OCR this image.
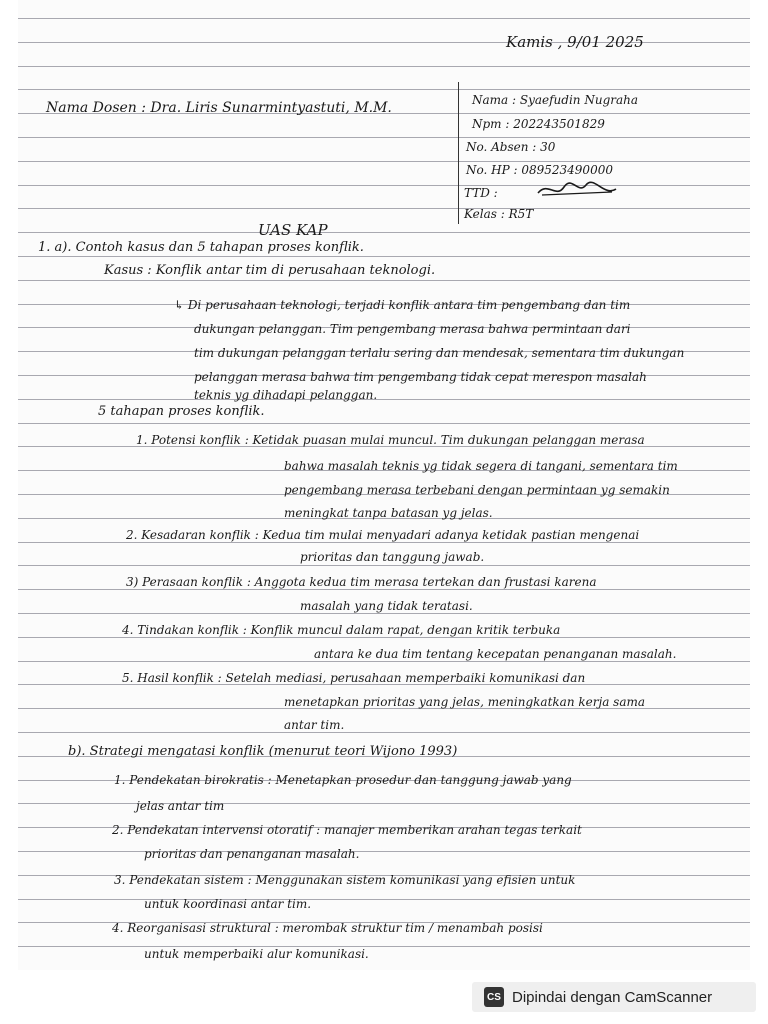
Kamis , 9/01 2025
Nama Dosen : Dra. Liris Sunarmintyastuti, M.M.	Nama : Syaefudin Nugraha
Npm : 202243501829
No. Absen : 30
No. HP : 089523490000
TTD :
Kelas : R5T
UAS KAP
1. a). Contoh kasus dan 5 tahapan proses konflik.
Kasus : Konflik antar tim di perusahaan teknologi.
↳ Di perusahaan teknologi, terjadi konflik antara tim pengembang dan tim
dukungan pelanggan. Tim pengembang merasa bahwa permintaan dari
tim dukungan pelanggan terlalu sering dan mendesak, sementara tim dukungan
pelanggan merasa bahwa tim pengembang tidak cepat merespon masalah
teknis yg dihadapi pelanggan.
5 tahapan proses konflik.
1. Potensi konflik : Ketidak puasan mulai muncul. Tim dukungan pelanggan merasa
bahwa masalah teknis yg tidak segera di tangani, sementara tim
pengembang merasa terbebani dengan permintaan yg semakin
meningkat tanpa batasan yg jelas.
2. Kesadaran konflik : Kedua tim mulai menyadari adanya ketidak pastian mengenai
prioritas dan tanggung jawab.
3) Perasaan konflik : Anggota kedua tim merasa tertekan dan frustasi karena
masalah yang tidak teratasi.
4. Tindakan konflik : Konflik muncul dalam rapat, dengan kritik terbuka
antara ke dua tim tentang kecepatan penanganan masalah.
5. Hasil konflik : Setelah mediasi, perusahaan memperbaiki komunikasi dan
menetapkan prioritas yang jelas, meningkatkan kerja sama
antar tim.
b). Strategi mengatasi konflik (menurut teori Wijono 1993)
1. Pendekatan birokratis : Menetapkan prosedur dan tanggung jawab yang
jelas antar tim
2. Pendekatan intervensi otoratif : manajer memberikan arahan tegas terkait
prioritas dan penanganan masalah.
3. Pendekatan sistem : Menggunakan sistem komunikasi yang efisien untuk
untuk koordinasi antar tim.
4. Reorganisasi struktural : merombak struktur tim / menambah posisi
untuk memperbaiki alur komunikasi.
CS Dipindai dengan CamScanner
